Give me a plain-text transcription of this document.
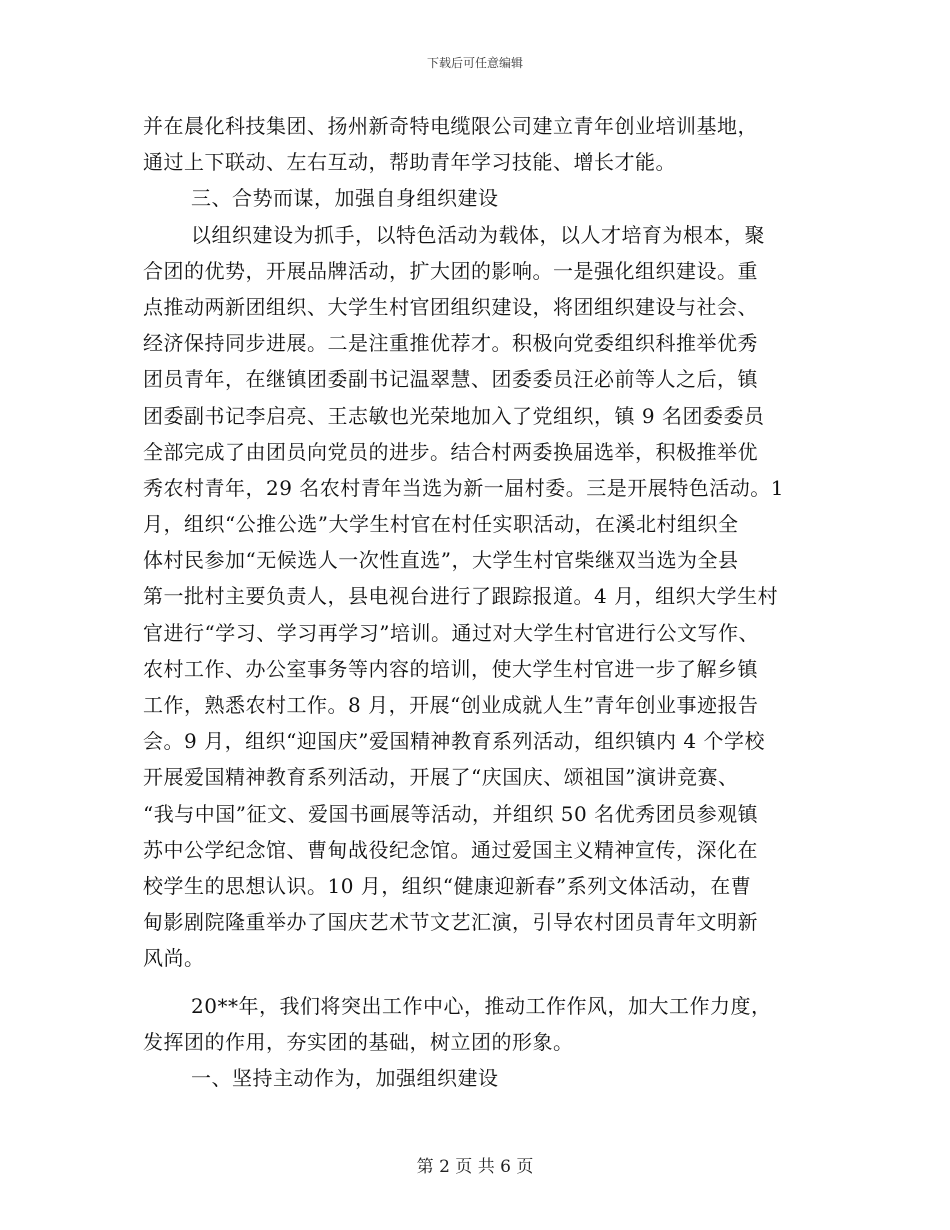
下载后可任意编辑
并在晨化科技集团、扬州新奇特电缆限公司建立青年创业培训基地，
通过上下联动、左右互动，帮助青年学习技能、增长才能。
三、合势而谋，加强自身组织建设
以组织建设为抓手，以特色活动为载体，以人才培育为根本，聚
合团的优势，开展品牌活动，扩大团的影响。一是强化组织建设。重
点推动两新团组织、大学生村官团组织建设，将团组织建设与社会、
经济保持同步进展。二是注重推优荐才。积极向党委组织科推举优秀
团员青年，在继镇团委副书记温翠慧、团委委员汪必前等人之后，镇
团委副书记李启亮、王志敏也光荣地加入了党组织，镇 9 名团委委员
全部完成了由团员向党员的进步。结合村两委换届选举，积极推举优
秀农村青年，29 名农村青年当选为新一届村委。三是开展特色活动。1
月，组织“公推公选”大学生村官在村任实职活动，在溪北村组织全
体村民参加“无候选人一次性直选”，大学生村官柴继双当选为全县
第一批村主要负责人，县电视台进行了跟踪报道。4 月，组织大学生村
官进行“学习、学习再学习”培训。通过对大学生村官进行公文写作、
农村工作、办公室事务等内容的培训，使大学生村官进一步了解乡镇
工作，熟悉农村工作。8 月，开展“创业成就人生”青年创业事迹报告
会。9 月，组织“迎国庆”爱国精神教育系列活动，组织镇内 4 个学校
开展爱国精神教育系列活动，开展了“庆国庆、颂祖国”演讲竞赛、
“我与中国”征文、爱国书画展等活动，并组织 50 名优秀团员参观镇
苏中公学纪念馆、曹甸战役纪念馆。通过爱国主义精神宣传，深化在
校学生的思想认识。10 月，组织“健康迎新春”系列文体活动，在曹
甸影剧院隆重举办了国庆艺术节文艺汇演，引导农村团员青年文明新
风尚。
20**年，我们将突出工作中心，推动工作作风，加大工作力度，
发挥团的作用，夯实团的基础，树立团的形象。
一、坚持主动作为，加强组织建设
第 2 页 共 6 页
